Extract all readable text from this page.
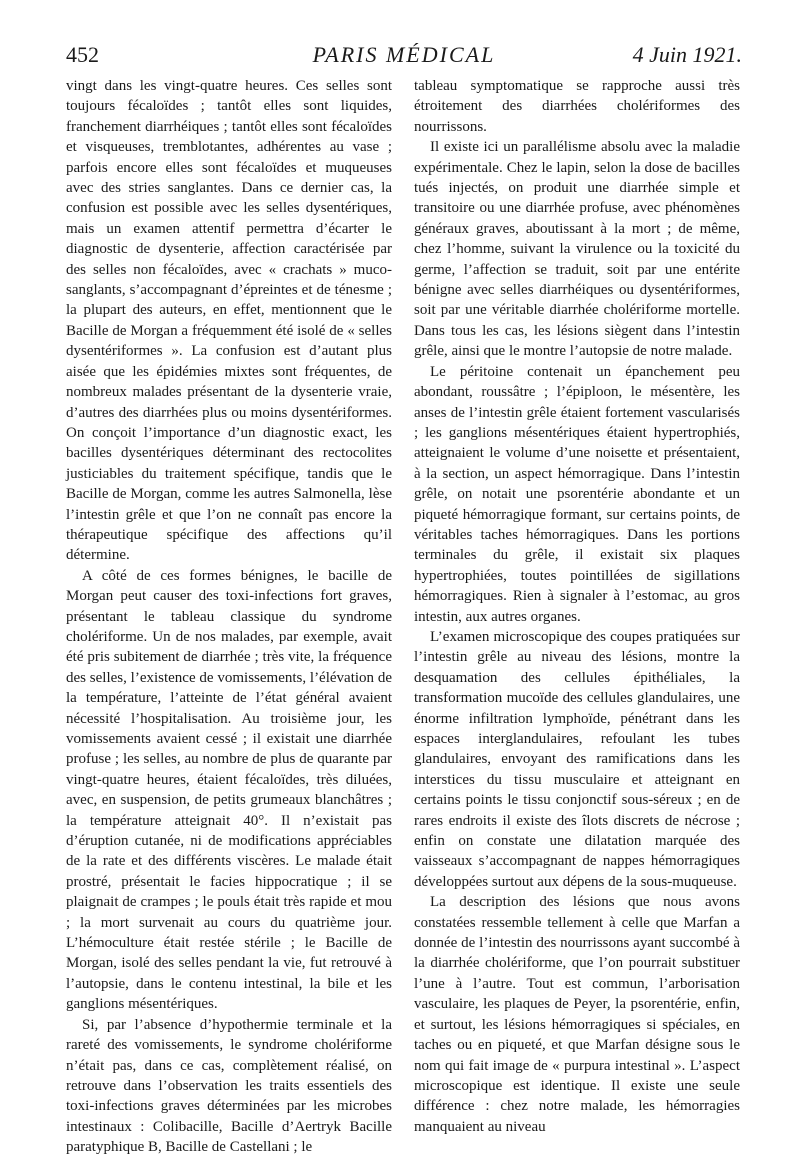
452	PARIS MÉDICAL	4 Juin 1921.

vingt dans les vingt-quatre heures. Ces selles sont toujours fécaloïdes ; tantôt elles sont liquides, franchement diarrhéiques ; tantôt elles sont fécaloïdes et visqueuses, tremblotantes, adhérentes au vase ; parfois encore elles sont fécaloïdes et muqueuses avec des stries sanglantes. Dans ce dernier cas, la confusion est possible avec les selles dysentériques, mais un examen attentif permettra d’écarter le diagnostic de dysenterie, affection caractérisée par des selles non fécaloïdes, avec « crachats » muco-sanglants, s’accompagnant d’épreintes et de ténesme ; la plupart des auteurs, en effet, mentionnent que le Bacille de Morgan a fréquemment été isolé de « selles dysentériformes ». La confusion est d’autant plus aisée que les épidémies mixtes sont fréquentes, de nombreux malades présentant de la dysenterie vraie, d’autres des diarrhées plus ou moins dysentériformes. On conçoit l’importance d’un diagnostic exact, les bacilles dysentériques déterminant des rectocolites justiciables du traitement spécifique, tandis que le Bacille de Morgan, comme les autres Salmonella, lèse l’intestin grêle et que l’on ne connaît pas encore la thérapeutique spécifique des affections qu’il détermine.

A côté de ces formes bénignes, le bacille de Morgan peut causer des toxi-infections fort graves, présentant le tableau classique du syndrome cholériforme. Un de nos malades, par exemple, avait été pris subitement de diarrhée ; très vite, la fréquence des selles, l’existence de vomissements, l’élévation de la température, l’atteinte de l’état général avaient nécessité l’hospitalisation. Au troisième jour, les vomissements avaient cessé ; il existait une diarrhée profuse ; les selles, au nombre de plus de quarante par vingt-quatre heures, étaient fécaloïdes, très diluées, avec, en suspension, de petits grumeaux blanchâtres ; la température atteignait 40°. Il n’existait pas d’éruption cutanée, ni de modifications appréciables de la rate et des différents viscères. Le malade était prostré, présentait le facies hippocratique ; il se plaignait de crampes ; le pouls était très rapide et mou ; la mort survenait au cours du quatrième jour. L’hémoculture était restée stérile ; le Bacille de Morgan, isolé des selles pendant la vie, fut retrouvé à l’autopsie, dans le contenu intestinal, la bile et les ganglions mésentériques.

Si, par l’absence d’hypothermie terminale et la rareté des vomissements, le syndrome cholériforme n’était pas, dans ce cas, complètement réalisé, on retrouve dans l’observation les traits essentiels des toxi-infections graves déterminées par les microbes intestinaux : Colibacille, Bacille d’Aertryk Bacille paratyphique B, Bacille de Castellani ; le

tableau symptomatique se rapproche aussi très étroitement des diarrhées cholériformes des nourrissons.

Il existe ici un parallélisme absolu avec la maladie expérimentale. Chez le lapin, selon la dose de bacilles tués injectés, on produit une diarrhée simple et transitoire ou une diarrhée profuse, avec phénomènes généraux graves, aboutissant à la mort ; de même, chez l’homme, suivant la virulence ou la toxicité du germe, l’affection se traduit, soit par une entérite bénigne avec selles diarrhéiques ou dysentériformes, soit par une véritable diarrhée cholériforme mortelle. Dans tous les cas, les lésions siègent dans l’intestin grêle, ainsi que le montre l’autopsie de notre malade.

Le péritoine contenait un épanchement peu abondant, roussâtre ; l’épiploon, le mésentère, les anses de l’intestin grêle étaient fortement vascularisés ; les ganglions mésentériques étaient hypertrophiés, atteignaient le volume d’une noisette et présentaient, à la section, un aspect hémorragique. Dans l’intestin grêle, on notait une psorentérie abondante et un piqueté hémorragique formant, sur certains points, de véritables taches hémorragiques. Dans les portions terminales du grêle, il existait six plaques hypertrophiées, toutes pointillées de sigillations hémorragiques. Rien à signaler à l’estomac, au gros intestin, aux autres organes.

L’examen microscopique des coupes pratiquées sur l’intestin grêle au niveau des lésions, montre la desquamation des cellules épithéliales, la transformation mucoïde des cellules glandulaires, une énorme infiltration lymphoïde, pénétrant dans les espaces interglandulaires, refoulant les tubes glandulaires, envoyant des ramifications dans les interstices du tissu musculaire et atteignant en certains points le tissu conjonctif sous-séreux ; en de rares endroits il existe des îlots discrets de nécrose ; enfin on constate une dilatation marquée des vaisseaux s’accompagnant de nappes hémorragiques développées surtout aux dépens de la sous-muqueuse.

La description des lésions que nous avons constatées ressemble tellement à celle que Marfan a donnée de l’intestin des nourrissons ayant succombé à la diarrhée cholériforme, que l’on pourrait substituer l’une à l’autre. Tout est commun, l’arborisation vasculaire, les plaques de Peyer, la psorentérie, enfin, et surtout, les lésions hémorragiques si spéciales, en taches ou en piqueté, et que Marfan désigne sous le nom qui fait image de « purpura intestinal ». L’aspect microscopique est identique. Il existe une seule différence : chez notre malade, les hémorragies manquaient au niveau
